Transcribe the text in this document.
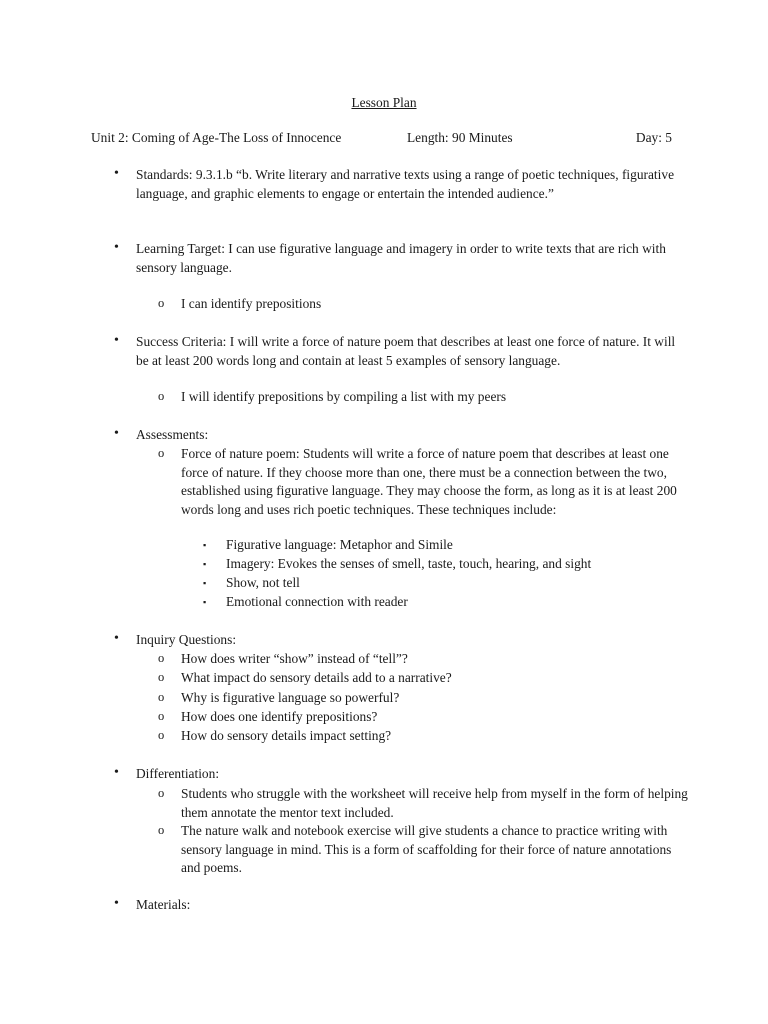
Lesson Plan
Unit 2: Coming of Age-The Loss of Innocence	Length: 90 Minutes	Day: 5
• Standards: 9.3.1.b “b. Write literary and narrative texts using a range of poetic techniques, figurative language, and graphic elements to engage or entertain the intended audience.”
• Learning Target: I can use figurative language and imagery in order to write texts that are rich with sensory language.
o I can identify prepositions
• Success Criteria: I will write a force of nature poem that describes at least one force of nature. It will be at least 200 words long and contain at least 5 examples of sensory language.
o I will identify prepositions by compiling a list with my peers
• Assessments:
o Force of nature poem: Students will write a force of nature poem that describes at least one force of nature. If they choose more than one, there must be a connection between the two, established using figurative language. They may choose the form, as long as it is at least 200 words long and uses rich poetic techniques. These techniques include:
▪ Figurative language: Metaphor and Simile
▪ Imagery: Evokes the senses of smell, taste, touch, hearing, and sight
▪ Show, not tell
▪ Emotional connection with reader
• Inquiry Questions:
o How does writer “show” instead of “tell”?
o What impact do sensory details add to a narrative?
o Why is figurative language so powerful?
o How does one identify prepositions?
o How do sensory details impact setting?
• Differentiation:
o Students who struggle with the worksheet will receive help from myself in the form of helping them annotate the mentor text included.
o The nature walk and notebook exercise will give students a chance to practice writing with sensory language in mind. This is a form of scaffolding for their force of nature annotations and poems.
• Materials:
